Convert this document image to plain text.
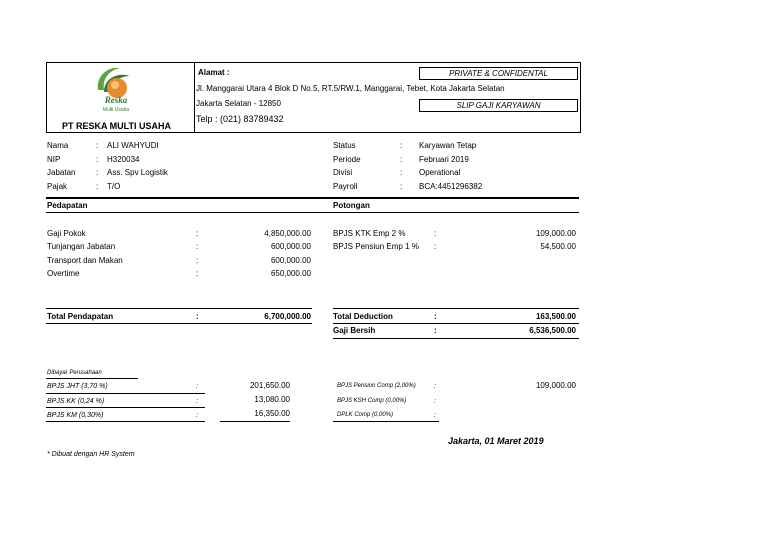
Reska
Multi Usaha
PT RESKA MULTI USAHA
Alamat :
Jl. Manggarai Utara 4 Blok D No.5, RT.5/RW.1, Manggarai, Tebet, Kota Jakarta Selatan
Jakarta Selatan - 12850
Telp : (021) 83789432
PRIVATE & CONFIDENTAL
SLIP GAJI KARYAWAN
Nama	: ALI WAHYUDI
NIP	: H320034
Jabatan	: Ass. Spv Logistik
Pajak	: T/O
Status	: Karyawan Tetap
Periode	: Februari 2019
Divisi	: Operational
Payroll	: BCA:4451296382
Pedapatan	Potongan
Gaji Pokok	:	4,850,000.00
Tunjangan Jabatan	:	600,000.00
Transport dan Makan	:	600,000.00
Overtime	:	650,000.00
BPJS KTK Emp 2 %	:	109,000.00
BPJS Pensiun Emp 1 % :	54,500.00
Total Pendapatan	:	6,700,000.00	Total Deduction	:	163,500.00
Gaji Bersih	:	6,536,500.00
Dibayar Perusahaan
BPJS JHT (3,70 %)	:	201,650.00
BPJS KK (0,24 %)	:	13,080.00
BPJS KM (0,30%)	:	16,350.00
BPJS Pension Comp (2,00%)	:	109,000.00
BPJS KSH Comp (0,00%)	:
DPLK Comp (0,00%)	:
Jakarta, 01 Maret 2019
* Dibuat dengan HR System
